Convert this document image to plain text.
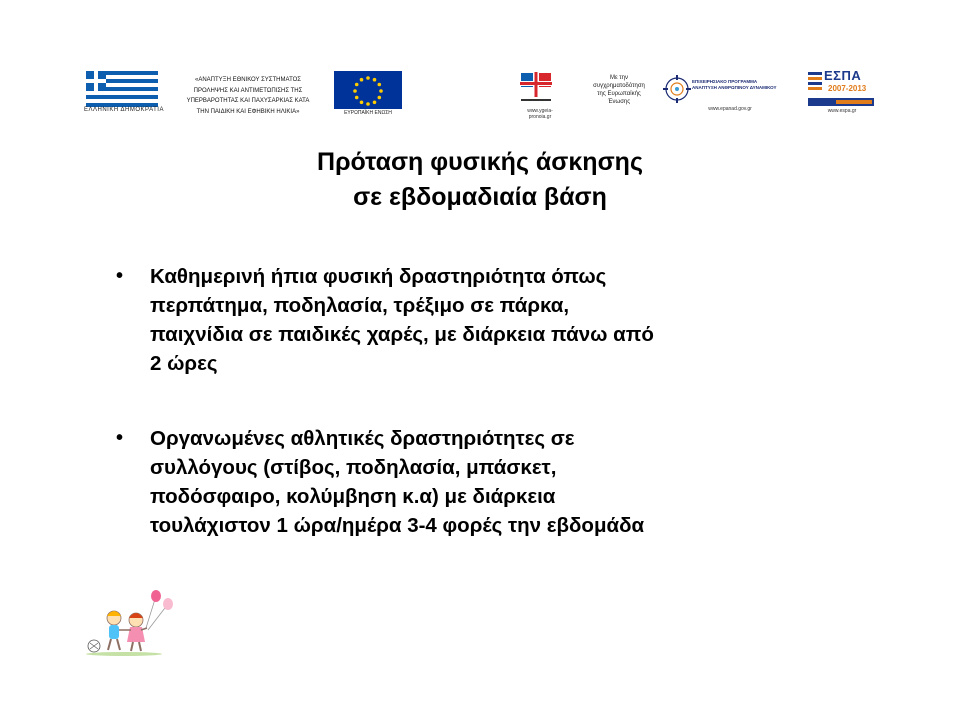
ΕΛΛΗΝΙΚΗ ΔΗΜΟΚΡΑΤΙΑ
«ΑΝΑΠΤΥΞΗ ΕΘΝΙΚΟΥ ΣΥΣΤΗΜΑΤΟΣ
ΠΡΟΛΗΨΗΣ ΚΑΙ ΑΝΤΙΜΕΤΩΠΙΣΗΣ ΤΗΣ
ΥΠΕΡΒΑΡΟΤΗΤΑΣ ΚΑΙ ΠΑΧΥΣΑΡΚΙΑΣ ΚΑΤΑ
ΤΗΝ ΠΑΙΔΙΚΗ ΚΑΙ ΕΦΗΒΙΚΗ ΗΛΙΚΙΑ»	ΕΥΡΩΠΑΪΚΗ ΕΝΩΣΗ	www.ygeia-
pronoia.gr
Με την
συγχρηματοδότηση
της Ευρωπαϊκής
Ένωσης
ΕΠΙΧΕΙΡΗΣΙΑΚΟ ΠΡΟΓΡΑΜΜΑ
ΑΝΑΠΤΥΞΗ ΑΝΘΡΩΠΙΝΟΥ ΔΥΝΑΜΙΚΟΥ
www.epanad.gov.gr
ΕΣΠΑ
2007-2013
www.espa.gr
Πρόταση φυσικής άσκησης
σε εβδομαδιαία βάση
• Καθημερινή ήπια φυσική δραστηριότητα όπως
περπάτημα, ποδηλασία, τρέξιμο σε πάρκα,
παιχνίδια σε παιδικές χαρές, με διάρκεια πάνω από
2 ώρες
• Οργανωμένες αθλητικές δραστηριότητες σε
συλλόγους (στίβος, ποδηλασία, μπάσκετ,
ποδόσφαιρο, κολύμβηση κ.α) με διάρκεια
τουλάχιστον 1 ώρα/ημέρα 3-4 φορές την εβδομάδα
